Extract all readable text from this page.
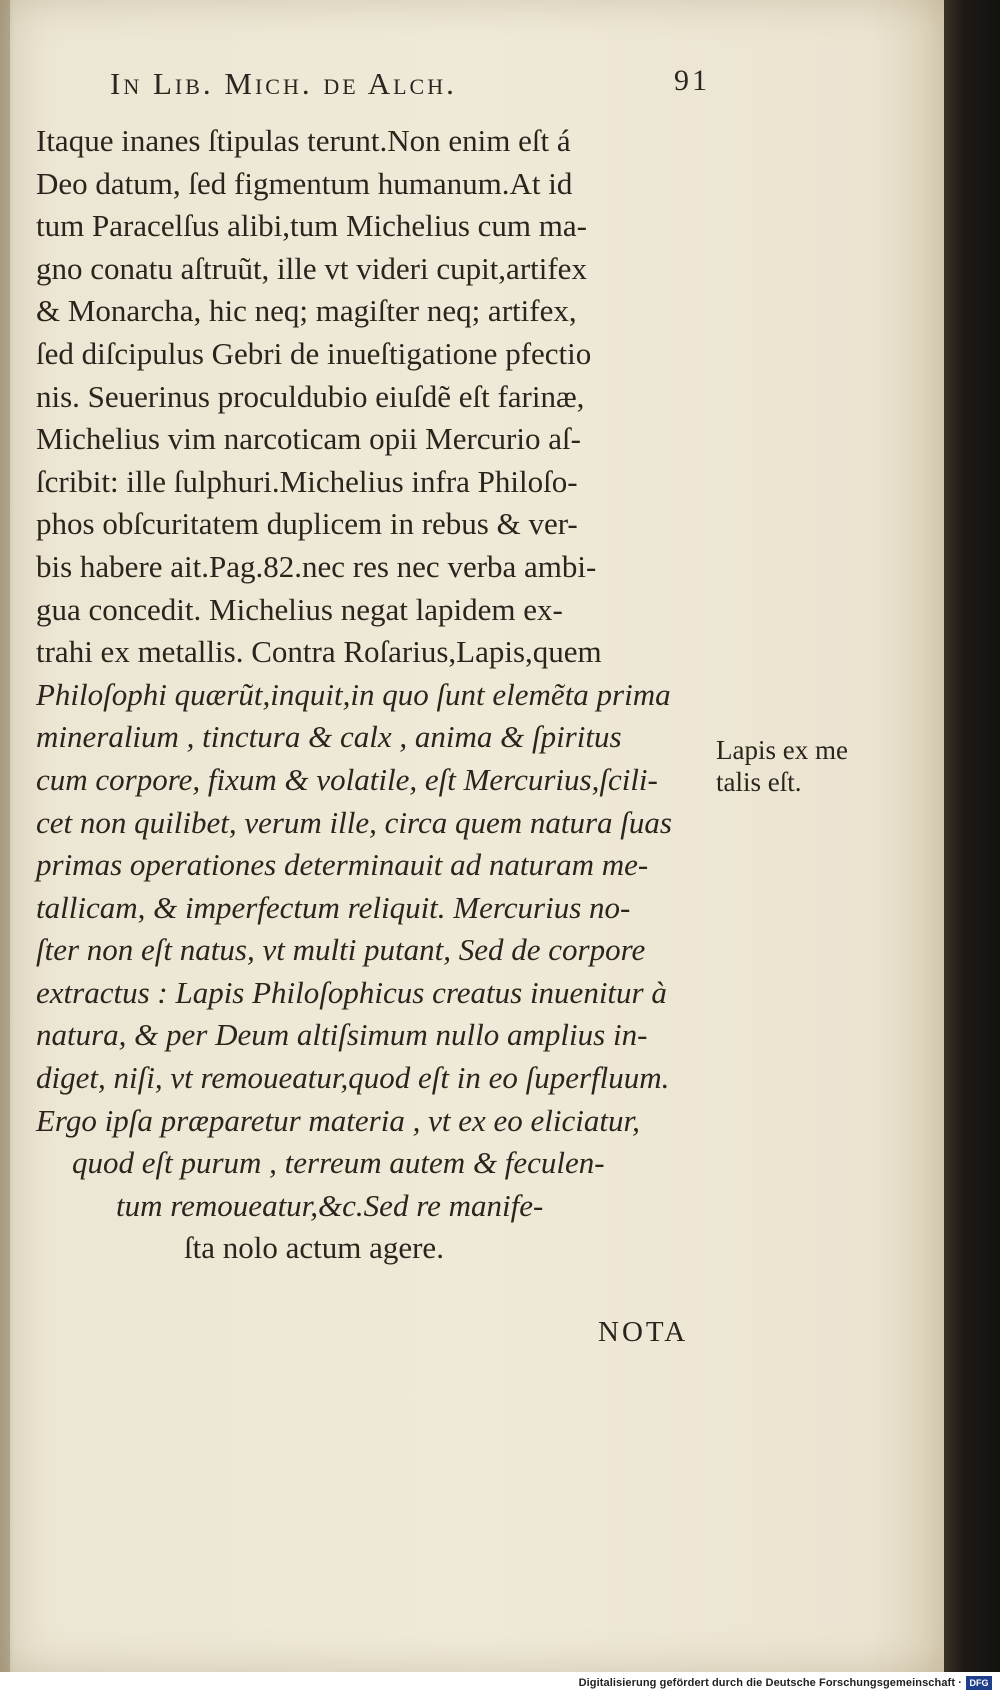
In Lib. Mich. de Alch.	91
Itaque inanes ſtipulas terunt.Non enim eſt á
Deo datum, ſed figmentum humanum.At id
tum Paracelſus alibi,tum Michelius cum ma-
gno conatu aſtruũt, ille vt videri cupit,artifex
& Monarcha, hic neq; magiſter neq; artifex,
ſed diſcipulus Gebri de inueſtigatione pfectio
nis. Seuerinus proculdubio eiuſdẽ eſt farinæ,
Michelius vim narcoticam opii Mercurio aſ-
ſcribit: ille ſulphuri.Michelius infra Philoſo-
phos obſcuritatem duplicem in rebus & ver-
bis habere ait.Pag.82.nec res nec verba ambi-
gua concedit. Michelius negat lapidem ex-
trahi ex metallis. Contra Roſarius,Lapis,quem
Philoſophi quærũt,inquit,in quo ſunt elemẽta prima
mineralium , tinctura & calx , anima & ſpiritus
cum corpore, fixum & volatile, eſt Mercurius,ſcili-
cet non quilibet, verum ille, circa quem natura ſuas
primas operationes determinauit ad naturam me-
tallicam, & imperfectum reliquit. Mercurius no-
ſter non eſt natus, vt multi putant, Sed de corpore
extractus : Lapis Philoſophicus creatus inuenitur à
natura, & per Deum altiſsimum nullo amplius in-
diget, niſi, vt remoueatur,quod eſt in eo ſuperfluum.
Ergo ipſa præparetur materia , vt ex eo eliciatur,
quod eſt purum , terreum autem & feculen-
tum remoueatur,&c.Sed re manife-
ſta nolo actum agere.
Lapis ex me
talis eſt.
NOTA
Digitalisierung gefördert durch die Deutsche Forschungsgemeinschaft · DFG
